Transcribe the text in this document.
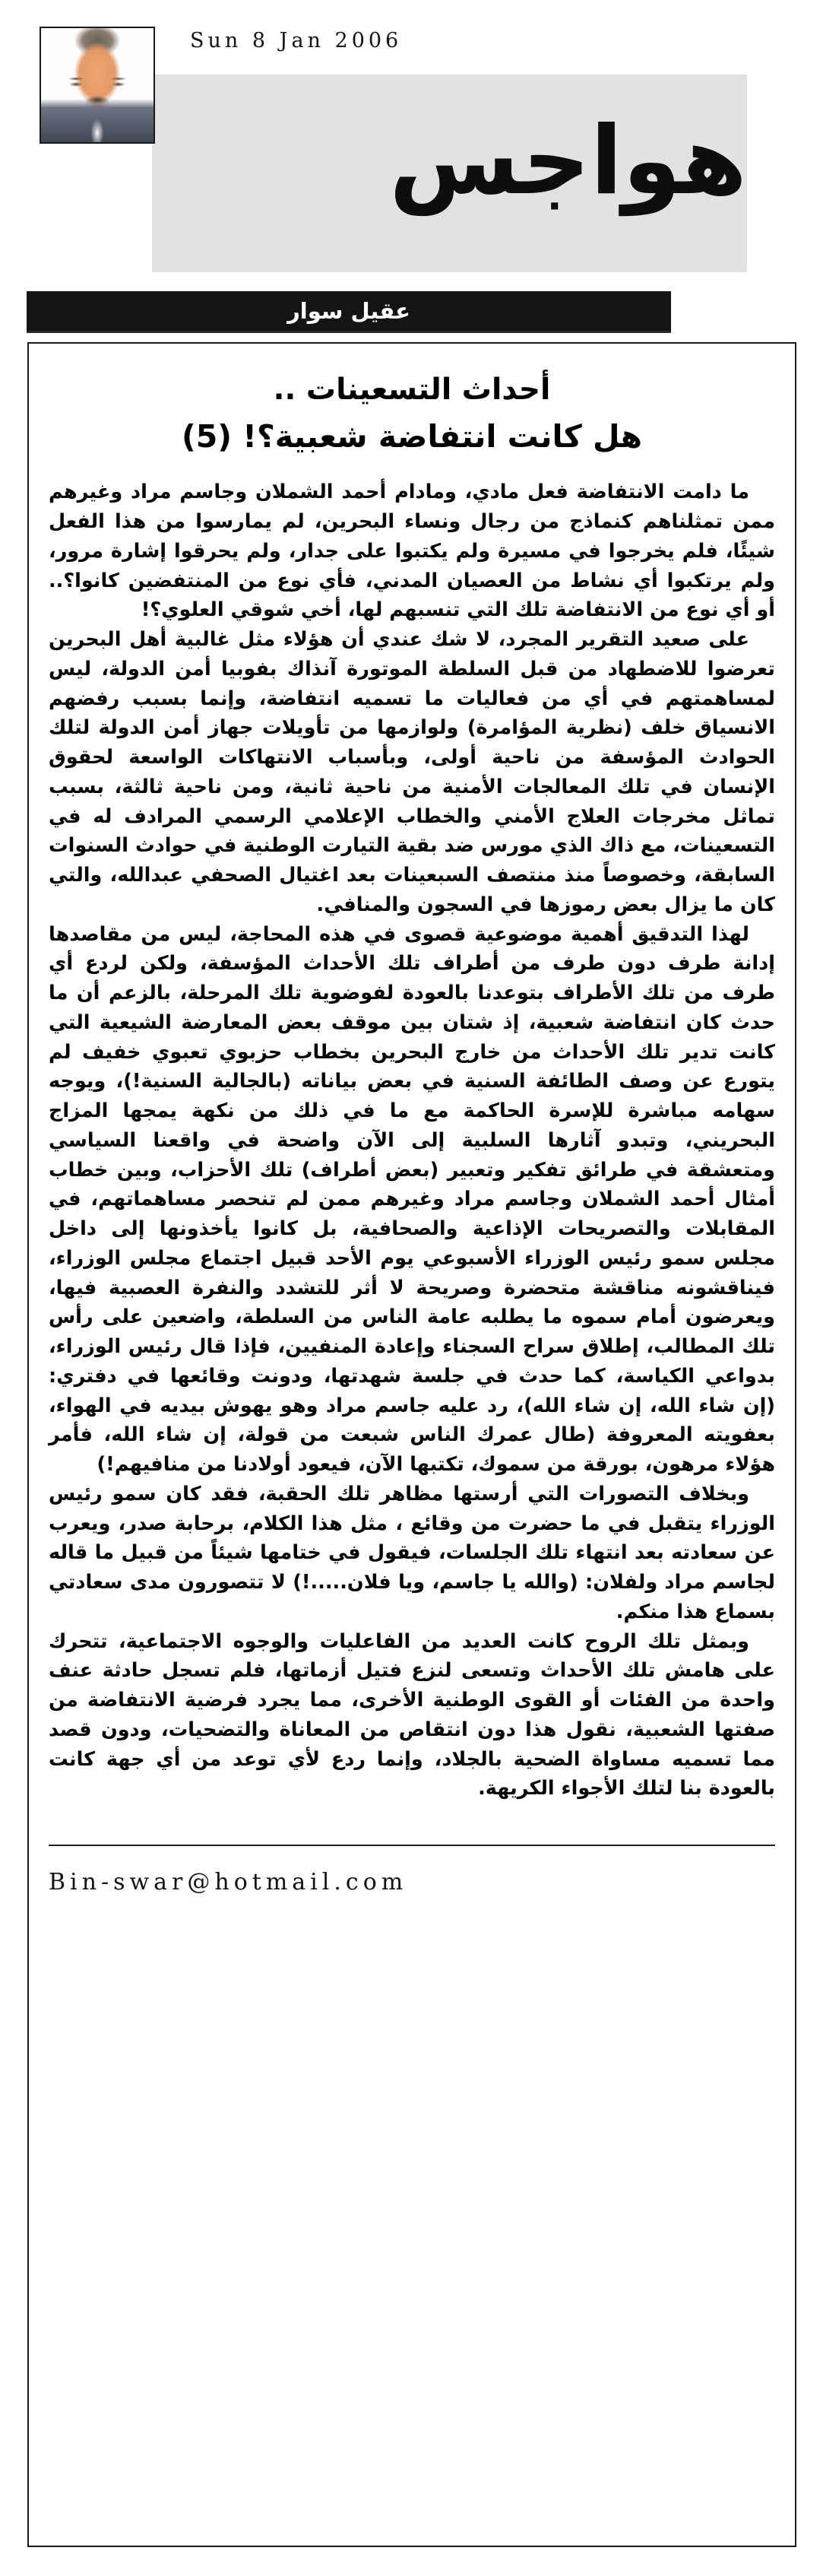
Sun 8 Jan 2006
هواجس
عقيل سوار
أحداث التسعينات ..
هل كانت انتفاضة شعبية؟! (5)

ما دامت الانتفاضة فعل مادي، ومادام أحمد الشملان وجاسم مراد وغيرهم ممن تمثلناهم كنماذج من رجال ونساء البحرين، لم يمارسوا من هذا الفعل شيئًا، فلم يخرجوا في مسيرة ولم يكتبوا على جدار، ولم يحرقوا إشارة مرور، ولم يرتكبوا أي نشاط من العصيان المدني، فأي نوع من المنتفضين كانوا؟.. أو أي نوع من الانتفاضة تلك التي تنسبهم لها، أخي شوقي العلوي؟!

على صعيد التقرير المجرد، لا شك عندي أن هؤلاء مثل غالبية أهل البحرين تعرضوا للاضطهاد من قبل السلطة الموتورة آنذاك بفوبيا أمن الدولة، ليس لمساهمتهم في أي من فعاليات ما تسميه انتفاضة، وإنما بسبب رفضهم الانسياق خلف (نظرية المؤامرة) ولوازمها من تأويلات جهاز أمن الدولة لتلك الحوادث المؤسفة من ناحية أولى، وبأسباب الانتهاكات الواسعة لحقوق الإنسان في تلك المعالجات الأمنية من ناحية ثانية، ومن ناحية ثالثة، بسبب تماثل مخرجات العلاج الأمني والخطاب الإعلامي الرسمي المرادف له في التسعينات، مع ذاك الذي مورس ضد بقية التيارت الوطنية في حوادث السنوات السابقة، وخصوصاً منذ منتصف السبعينات بعد اغتيال الصحفي عبدالله، والتي كان ما يزال بعض رموزها في السجون والمنافي.

لهذا التدقيق أهمية موضوعية قصوى في هذه المحاجة، ليس من مقاصدها إدانة طرف دون طرف من أطراف تلك الأحداث المؤسفة، ولكن لردع أي طرف من تلك الأطراف بتوعدنا بالعودة لفوضوية تلك المرحلة، بالزعم أن ما حدث كان انتفاضة شعبية، إذ شتان بين موقف بعض المعارضة الشيعية التي كانت تدير تلك الأحداث من خارج البحرين بخطاب حزبوي تعبوي خفيف لم يتورع عن وصف الطائفة السنية في بعض بياناته (بالجالية السنية!)، ويوجه سهامه مباشرة للإسرة الحاكمة مع ما في ذلك من نكهة يمجها المزاج البحريني، وتبدو آثارها السلبية إلى الآن واضحة في واقعنا السياسي ومتعشقة في طرائق تفكير وتعبير (بعض أطراف) تلك الأحزاب، وبين خطاب أمثال أحمد الشملان وجاسم مراد وغيرهم ممن لم تنحصر مساهماتهم، في المقابلات والتصريحات الإذاعية والصحافية، بل كانوا يأخذونها إلى داخل مجلس سمو رئيس الوزراء الأسبوعي يوم الأحد قبيل اجتماع مجلس الوزراء، فيناقشونه مناقشة متحضرة وصريحة لا أثر للتشدد والنفرة العصبية فيها، ويعرضون أمام سموه ما يطلبه عامة الناس من السلطة، واضعين على رأس تلك المطالب، إطلاق سراح السجناء وإعادة المنفيين، فإذا قال رئيس الوزراء، بدواعي الكياسة، كما حدث في جلسة شهدتها، ودونت وقائعها في دفتري: (إن شاء الله، إن شاء الله)، رد عليه جاسم مراد وهو يهوش بيديه في الهواء، بعفويته المعروفة (طال عمرك الناس شبعت من قولة، إن شاء الله، فأمر هؤلاء مرهون، بورقة من سموك، تكتبها الآن، فيعود أولادنا من منافيهم!)

وبخلاف التصورات التي أرستها مظاهر تلك الحقبة، فقد كان سمو رئيس الوزراء يتقبل في ما حضرت من وقائع ، مثل هذا الكلام، برحابة صدر، ويعرب عن سعادته بعد انتهاء تلك الجلسات، فيقول في ختامها شيئاً من قبيل ما قاله لجاسم مراد ولفلان: (والله يا جاسم، ويا فلان.....!) لا تتصورون مدى سعادتي بسماع هذا منكم.

وبمثل تلك الروح كانت العديد من الفاعليات والوجوه الاجتماعية، تتحرك على هامش تلك الأحداث وتسعى لنزع فتيل أزماتها، فلم تسجل حادثة عنف واحدة من الفئات أو القوى الوطنية الأخرى، مما يجرد فرضية الانتفاضة من صفتها الشعبية، نقول هذا دون انتقاص من المعاناة والتضحيات، ودون قصد مما تسميه مساواة الضحية بالجلاد، وإنما ردع لأي توعد من أي جهة كانت بالعودة بنا لتلك الأجواء الكريهة.

Bin-swar@hotmail.com
